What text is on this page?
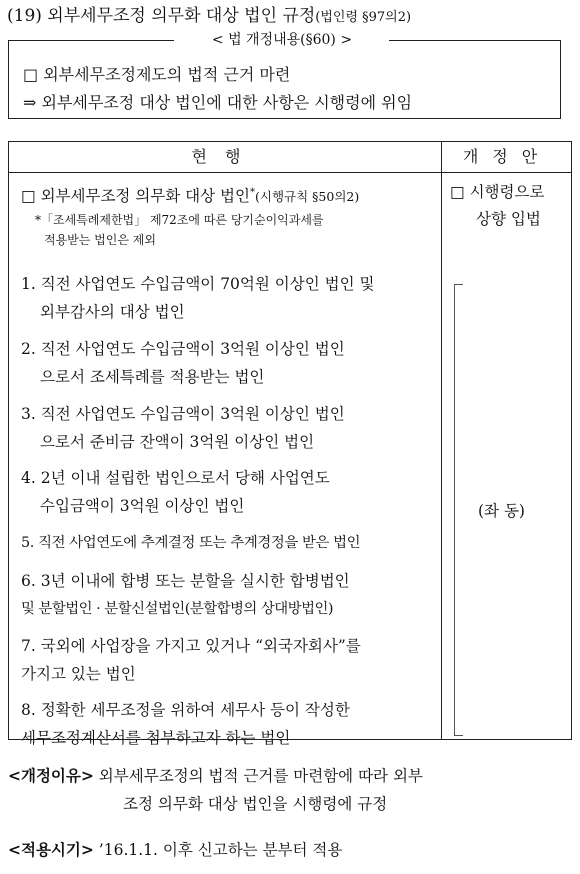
(19) 외부세무조정 의무화 대상 법인 규정(법인령 §97의2)
< 법 개정내용(§60) >
□ 외부세무조정제도의 법적 근거 마련
⇒ 외부세무조정 대상 법인에 대한 사항은 시행령에 위임
현행	개정안
□ 외부세무조정 의무화 대상 법인*(시행규칙 §50의2)
*「조세특례제한법」 제72조에 따른 당기순이익과세를
적용받는 법인은 제외
1. 직전 사업연도 수입금액이 70억원 이상인 법인 및
외부감사의 대상 법인
2. 직전 사업연도 수입금액이 3억원 이상인 법인
으로서 조세특례를 적용받는 법인
3. 직전 사업연도 수입금액이 3억원 이상인 법인
으로서 준비금 잔액이 3억원 이상인 법인
4. 2년 이내 설립한 법인으로서 당해 사업연도
수입금액이 3억원 이상인 법인
5. 직전 사업연도에 추계결정 또는 추계경정을 받은 법인
6. 3년 이내에 합병 또는 분할을 실시한 합병법인
및 분할법인 · 분할신설법인(분할합병의 상대방법인)
7. 국외에 사업장을 가지고 있거나 “외국자회사”를
가지고 있는 법인
8. 정확한 세무조정을 위하여 세무사 등이 작성한
세무조정계산서를 첨부하고자 하는 법인
□ 시행령으로
상향 입법
(좌 동)
<개정이유> 외부세무조정의 법적 근거를 마련함에 따라 외부
조정 의무화 대상 법인을 시행령에 규정
<적용시기> ’16.1.1. 이후 신고하는 분부터 적용
